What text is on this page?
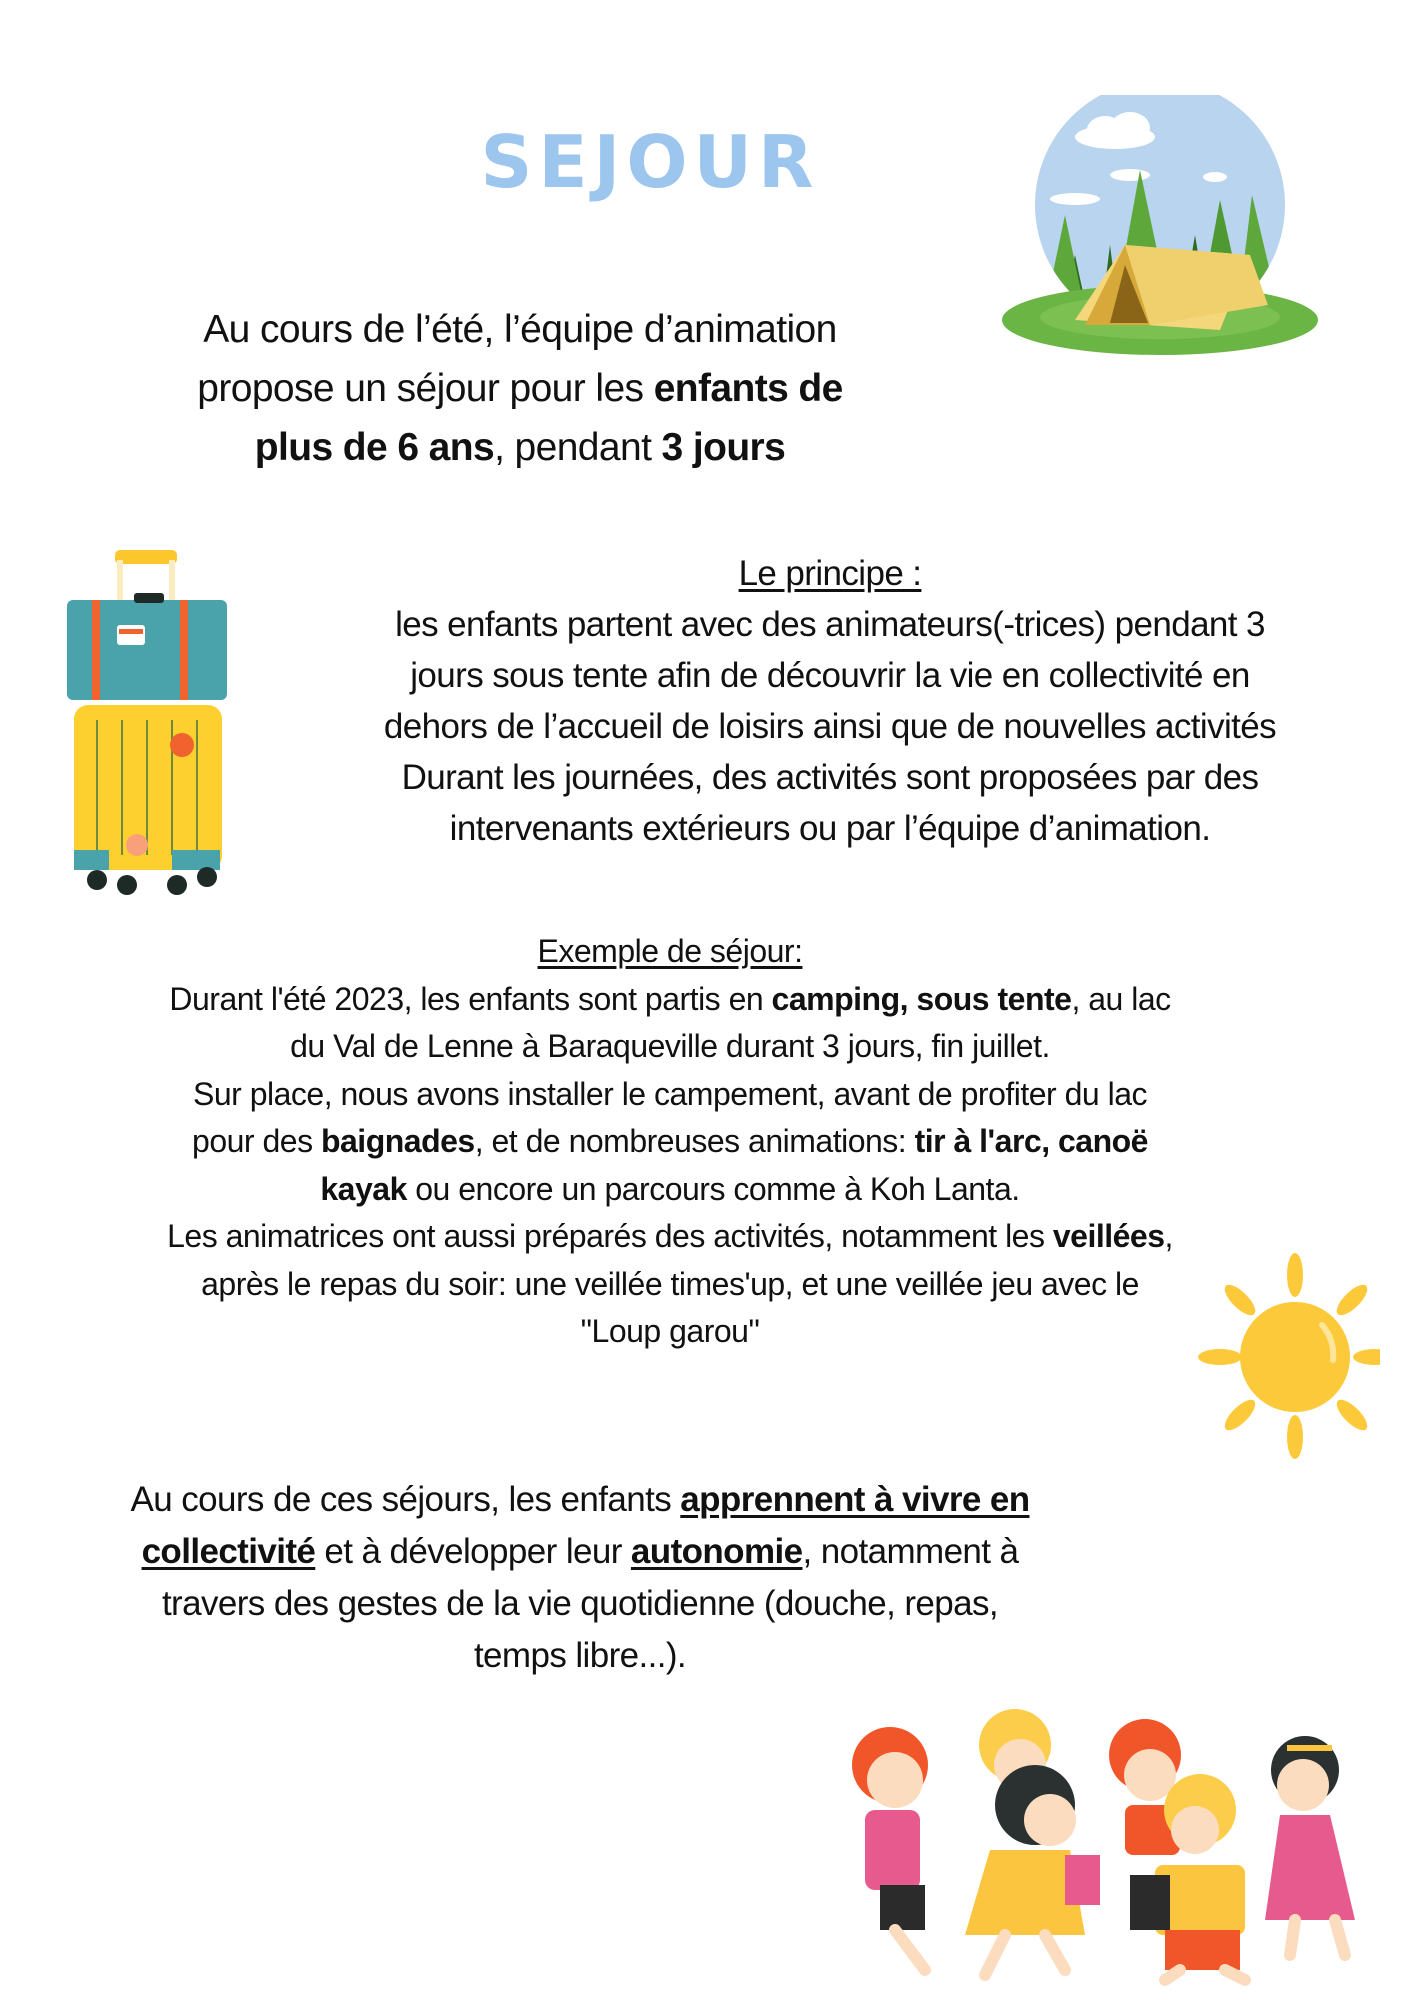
SEJOUR
Au cours de l’été, l’équipe d’animation
propose un séjour pour les enfants de
plus de 6 ans, pendant 3 jours
Le principe :
les enfants partent avec des animateurs(-trices) pendant 3
jours sous tente afin de découvrir la vie en collectivité en
dehors de l’accueil de loisirs ainsi que de nouvelles activités
Durant les journées, des activités sont proposées par des
intervenants extérieurs ou par l’équipe d’animation.
Exemple de séjour:
Durant l'été 2023, les enfants sont partis en camping, sous tente, au lac
du Val de Lenne à Baraqueville durant 3 jours, fin juillet.
Sur place, nous avons installer le campement, avant de profiter du lac
pour des baignades, et de nombreuses animations: tir à l'arc, canoë
kayak ou encore un parcours comme à Koh Lanta.
Les animatrices ont aussi préparés des activités, notamment les veillées,
après le repas du soir: une veillée times'up, et une veillée jeu avec le
"Loup garou"
Au cours de ces séjours, les enfants apprennent à vivre en
collectivité et à développer leur autonomie, notamment à
travers des gestes de la vie quotidienne (douche, repas,
temps libre...).
